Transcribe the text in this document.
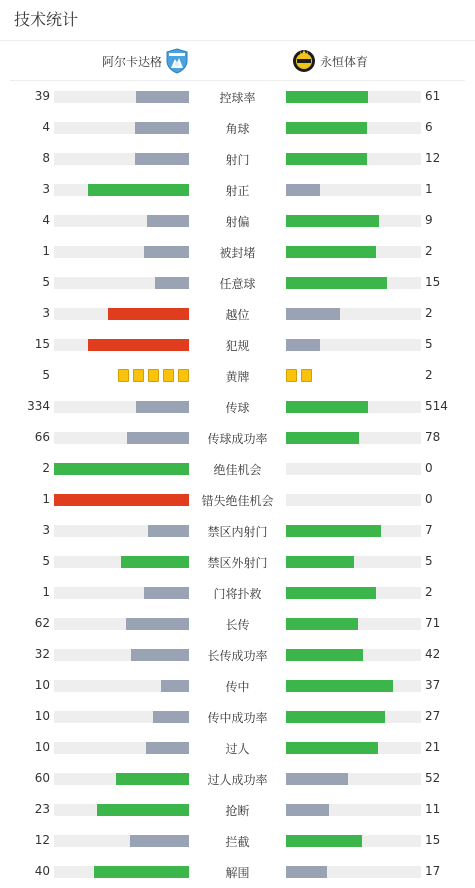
技术统计
阿尔卡达格	永恒体育
39	控球率	61
4	角球	6
8	射门	12
3	射正	1
4	射偏	9
1	被封堵	2
5	任意球	15
3	越位	2
15	犯规	5
5	黄牌	2
334	传球	514
66	传球成功率	78
2	绝佳机会	0
1	错失绝佳机会	0
3	禁区内射门	7
5	禁区外射门	5
1	门将扑救	2
62	长传	71
32	长传成功率	42
10	传中	37
10	传中成功率	27
10	过人	21
60	过人成功率	52
23	抢断	11
12	拦截	15
40	解围	17
